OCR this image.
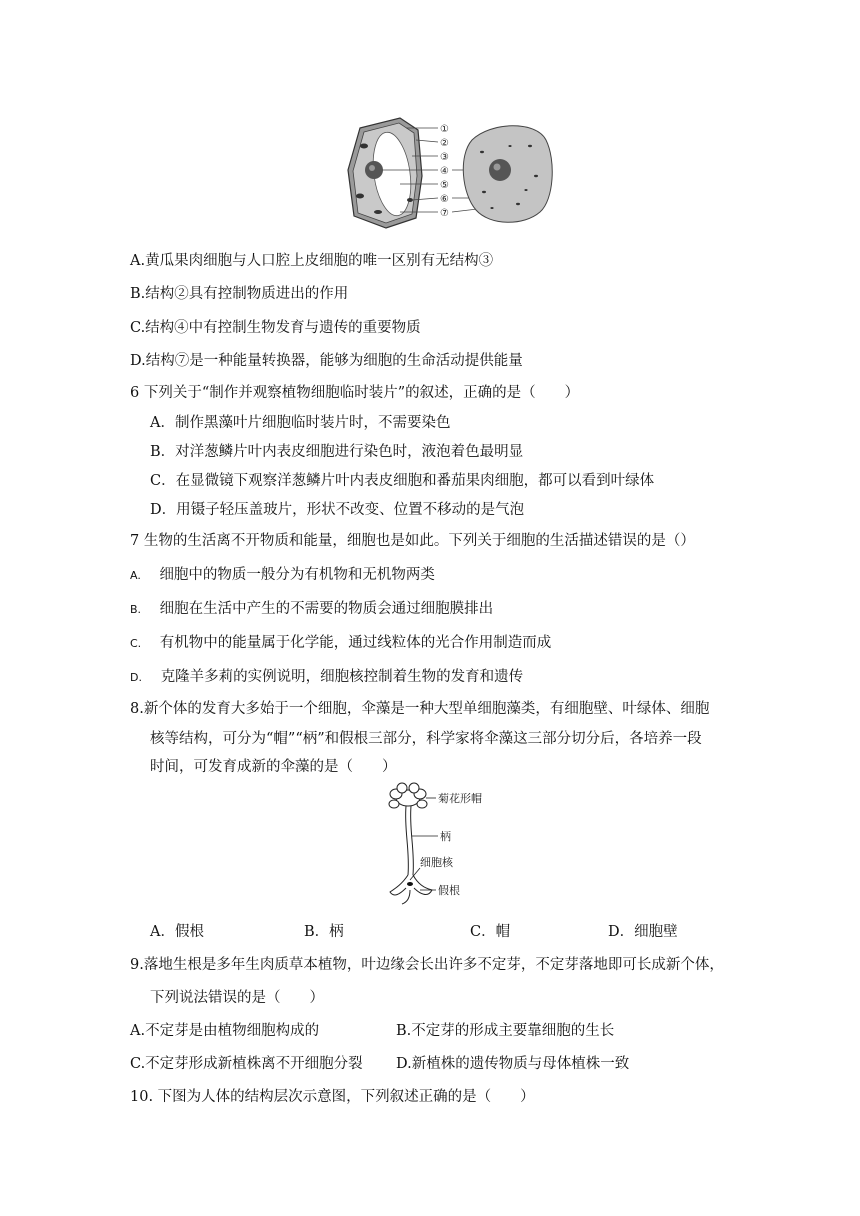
①
②
③
④
⑤
⑥
⑦
A.黄瓜果肉细胞与人口腔上皮细胞的唯一区别有无结构③
B.结构②具有控制物质进出的作用
C.结构④中有控制生物发育与遗传的重要物质
D.结构⑦是一种能量转换器，能够为细胞的生命活动提供能量
6 下列关于“制作并观察植物细胞临时装片”的叙述，正确的是（　　）
A．制作黑藻叶片细胞临时装片时，不需要染色
B．对洋葱鳞片叶内表皮细胞进行染色时，液泡着色最明显
C．在显微镜下观察洋葱鳞片叶内表皮细胞和番茄果肉细胞，都可以看到叶绿体
D．用镊子轻压盖玻片，形状不改变、位置不移动的是气泡
7 生物的生活离不开物质和能量，细胞也是如此。下列关于细胞的生活描述错误的是（）
A. 细胞中的物质一般分为有机物和无机物两类
B. 细胞在生活中产生的不需要的物质会通过细胞膜排出
C. 有机物中的能量属于化学能，通过线粒体的光合作用制造而成
D. 克隆羊多莉的实例说明，细胞核控制着生物的发育和遗传
8.新个体的发育大多始于一个细胞，伞藻是一种大型单细胞藻类，有细胞壁、叶绿体、细胞
核等结构，可分为“帽”“柄”和假根三部分，科学家将伞藻这三部分切分后，各培养一段
时间，可发育成新的伞藻的是（　　）
菊花形帽
柄
细胞核
假根
A．假根	B．柄	C．帽	D．细胞壁
9.落地生根是多年生肉质草本植物，叶边缘会长出许多不定芽，不定芽落地即可长成新个体，
下列说法错误的是（　　）
A.不定芽是由植物细胞构成的	B.不定芽的形成主要靠细胞的生长
C.不定芽形成新植株离不开细胞分裂 D.新植株的遗传物质与母体植株一致
10. 下图为人体的结构层次示意图，下列叙述正确的是（　　）
